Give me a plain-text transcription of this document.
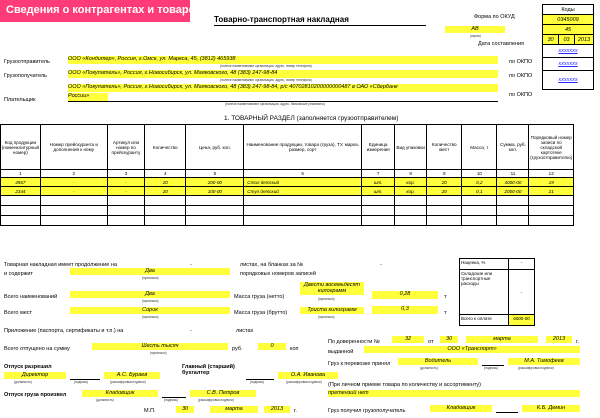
Сведения о контрагентах и товаре
Товарно-транспортная накладная	Форма по ОКУД
АВ
(серия)
Дата составления
Коды
0345009
45
30	03	2013
xxxxxxx
xxxxxxx
xxxxxxx
Грузоотправитель	ООО «Кондитер», Россия, г.Омск, ул. Маркса, 45, (3812) 465938
(полное наименование организации, адрес, номер телефона)
по ОКПО
Грузополучатель	ООО «Покупатель», Россия, г.Новосибирск, ул. Маяковского, 48 (383) 247-98-84
(полное наименование организации, адрес, номер телефона)
по ОКПО
Плательщик
ООО «Покупатель», Россия, г.Новосибирск, ул. Маяковского, 48 (383) 247-98-84, р/с 40702810200000000487 в ОАО «Сбербанк
России»
(полное наименование организации, адрес, банковские реквизиты)
по ОКПО
1. ТОВАРНЫЙ РАЗДЕЛ (заполняется грузоотправителем)
Код продукции (номенклатурный номер)	Номер прейскуранта и дополнения к нему	Артикул или номер по прейскуранту	Количество	Цена, руб. коп.	Наименование продукции, товара (груза), ТУ, марка, размер, сорт	Единица измерения	Вид упаковки	Количество мест	Масса, т	Сумма, руб. коп.	Порядковый номер записи по складской картотеке (грузоотправителю)
1	2	3	4	5	6	7	8	9	10	11	12
4567	-	-	20	200-00	Стол детский	шт.	кор.	20	0,2	4000-00	19
2344	-	-	20	100-00	Стул детский	шт.	кор.	20	0,1	2000-00	21

Товарная накладная имеет продолжение на	-	листах, на бланках за №	-
и содержит	Два
(прописью)
порядковых номеров записей
Всего наименований	Два
(прописью)
Масса груза (нетто)
Двести восемьдесят килограмм	0,28	т
(прописью)
Всего мест	Сорок
(прописью)
Масса груза (брутто)	Триста килограмм	0,3
т
(прописью)
Приложение (паспорта, сертификаты и т.п.) на	-	листах
Всего отпущено на сумму	Шесть тысяч
(прописью)
руб.	0	коп
Отпуск разрешил
Директор	А.С. Бураев
(должность)	(подпись)	(расшифровка подписи)
Главный (старший) бухгалтер	О.А. Иванова
(подпись)	(расшифровка подписи)
Отпуск груза произвел	Кладовщик	С.В. Петров
(должность)	(подпись)	(расшифровка подписи)
М.П.	30	марта	2013	г.
Наценка, %	-
Складские или транспортные расходы	-
Всего к оплате	6000-00
По доверенности №	32	от	30	марта	2013	г.
выданной	ООО «Транспорт»
Груз к перевозке принял	Водитель	М.А. Тимофеев
(должность)	(подпись)	(расшифровка подписи)
(При личном приеме товара по количеству и ассортименту)
претензий нет
Груз получил грузополучатель	Кладовщик	К.Б. Демин
